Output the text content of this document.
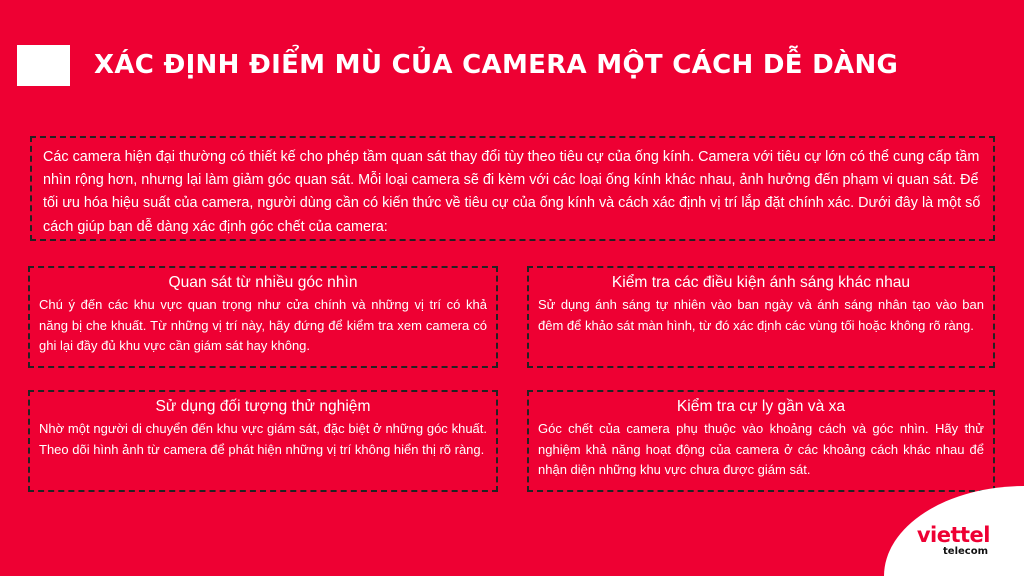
XÁC ĐỊNH ĐIỂM MÙ CỦA CAMERA MỘT CÁCH DỄ DÀNG
Các camera hiện đại thường có thiết kế cho phép tầm quan sát thay đổi tùy theo tiêu cự của ống kính. Camera với tiêu cự lớn có thể cung cấp tầm nhìn rộng hơn, nhưng lại làm giảm góc quan sát. Mỗi loại camera sẽ đi kèm với các loại ống kính khác nhau, ảnh hưởng đến phạm vi quan sát. Để tối ưu hóa hiệu suất của camera, người dùng cần có kiến thức về tiêu cự của ống kính và cách xác định vị trí lắp đặt chính xác. Dưới đây là một số cách giúp bạn dễ dàng xác định góc chết của camera:
Quan sát từ nhiều góc nhìn

Chú ý đến các khu vực quan trọng như cửa chính và những vị trí có khả năng bị che khuất. Từ những vị trí này, hãy đứng để kiểm tra xem camera có ghi lại đầy đủ khu vực cần giám sát hay không.

Kiểm tra các điều kiện ánh sáng khác nhau

Sử dụng ánh sáng tự nhiên vào ban ngày và ánh sáng nhân tạo vào ban đêm để khảo sát màn hình, từ đó xác định các vùng tối hoặc không rõ ràng.

Sử dụng đối tượng thử nghiệm

Nhờ một người di chuyển đến khu vực giám sát, đặc biệt ở những góc khuất. Theo dõi hình ảnh từ camera để phát hiện những vị trí không hiển thị rõ ràng.

Kiểm tra cự ly gần và xa

Góc chết của camera phụ thuộc vào khoảng cách và góc nhìn. Hãy thử nghiệm khả năng hoạt động của camera ở các khoảng cách khác nhau để nhận diện những khu vực chưa được giám sát.

viettel
telecom
